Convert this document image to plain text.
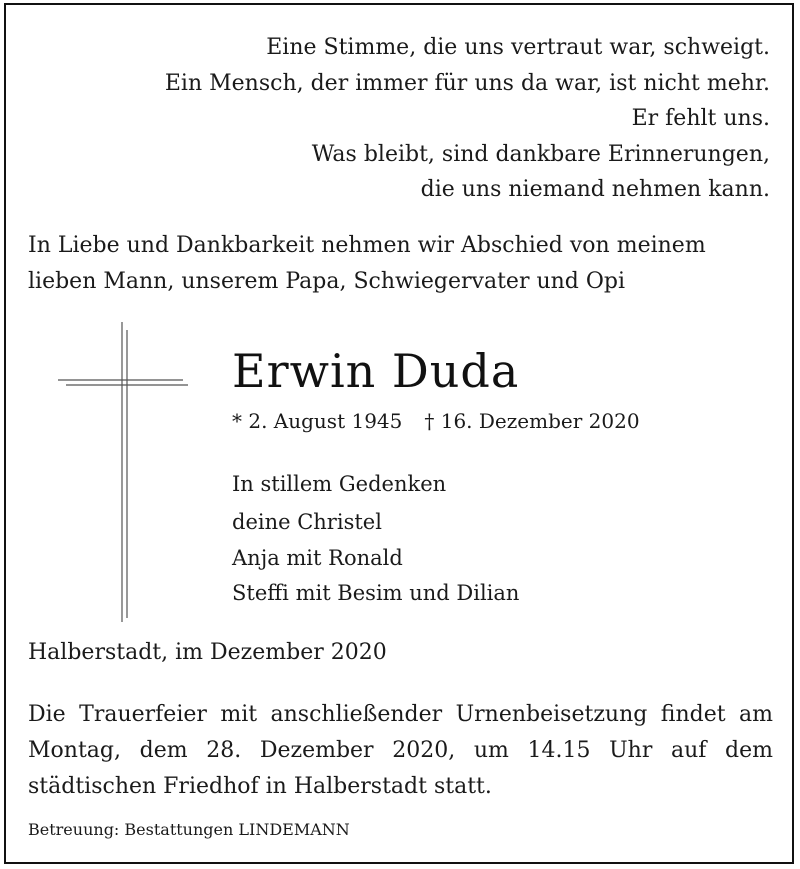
Eine Stimme, die uns vertraut war, schweigt.
Ein Mensch, der immer für uns da war, ist nicht mehr.
Er fehlt uns.
Was bleibt, sind dankbare Erinnerungen,
die uns niemand nehmen kann.
In Liebe und Dankbarkeit nehmen wir Abschied von meinem
lieben Mann, unserem Papa, Schwiegervater und Opi
Erwin Duda
* 2. August 1945 † 16. Dezember 2020
In stillem Gedenken
deine Christel
Anja mit Ronald
Steffi mit Besim und Dilian
Halberstadt, im Dezember 2020
Die Trauerfeier mit anschließender Urnenbeisetzung findet am Montag, dem 28. Dezember 2020, um 14.15 Uhr auf dem städtischen Friedhof in Halberstadt statt.
Betreuung: Bestattungen LINDEMANN
